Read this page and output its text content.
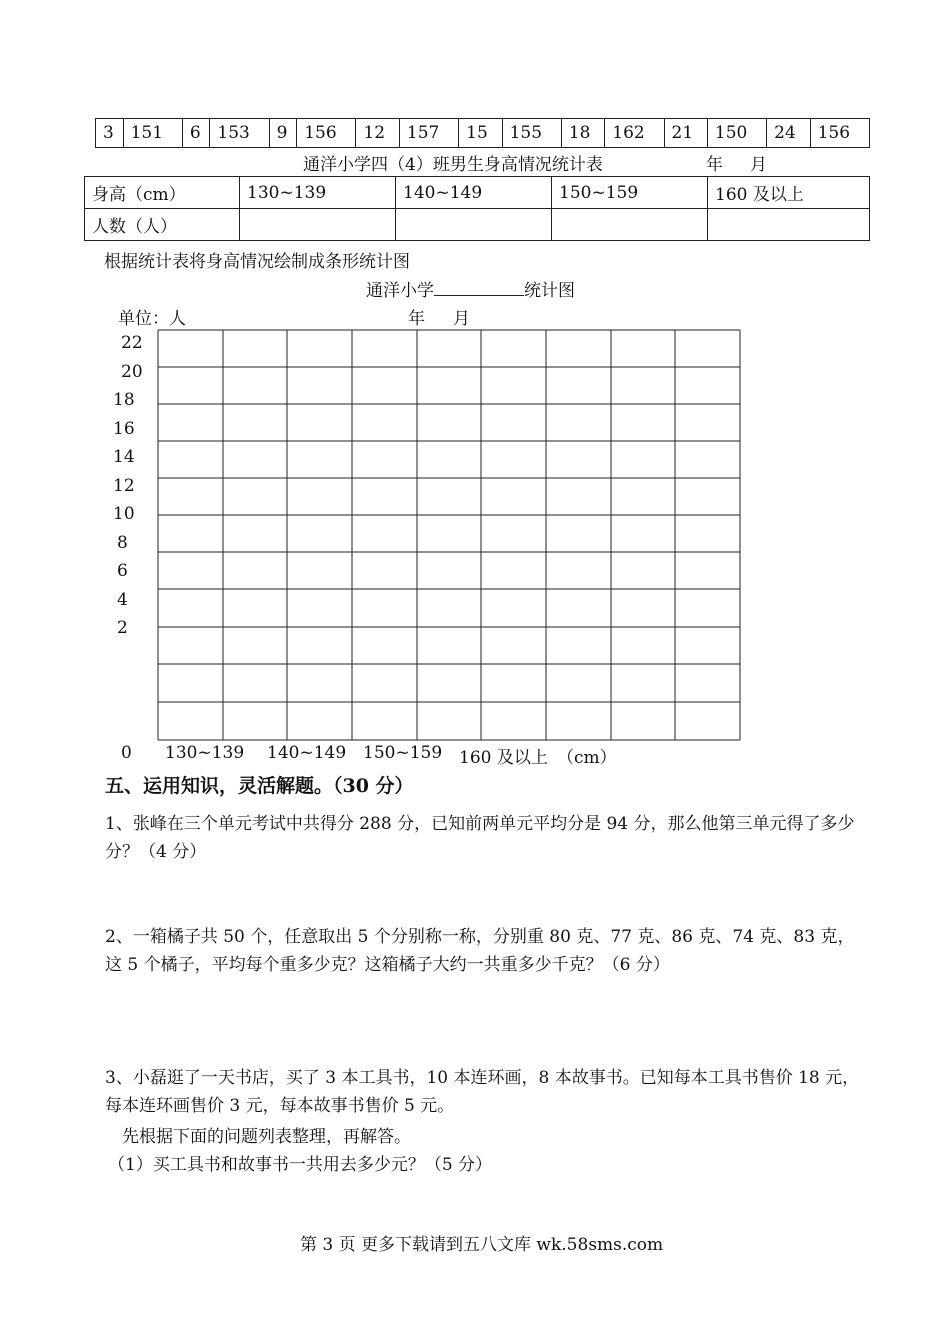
3	151	6	153	9	156	12	157	15	155	18	162	21	150	24	156
通洋小学四（4）班男生身高情况统计表	年 月
身高（cm）	130~139	140~149	150~159	160 及以上
人数（人）				
根据统计表将身高情况绘制成条形统计图
通洋小学	统计图
单位：人	年 月
22
20
18
16
14
12
10
8
6
4
2
0 130~139 140~149 150~159 160 及以上 （cm）
五、运用知识，灵活解题。（30 分）

1、张峰在三个单元考试中共得分 288 分，已知前两单元平均分是 94 分，那么他第三单元得了多少分？（4 分）

2、一箱橘子共 50 个，任意取出 5 个分别称一称，分别重 80 克、77 克、86 克、74 克、83 克，这 5 个橘子，平均每个重多少克？这箱橘子大约一共重多少千克？（6 分）

3、小磊逛了一天书店，买了 3 本工具书，10 本连环画，8 本故事书。已知每本工具书售价 18 元，每本连环画售价 3 元，每本故事书售价 5 元。

先根据下面的问题列表整理，再解答。

（1）买工具书和故事书一共用去多少元？（5 分）

第 3 页 更多下载请到五八文库 wk.58sms.com
